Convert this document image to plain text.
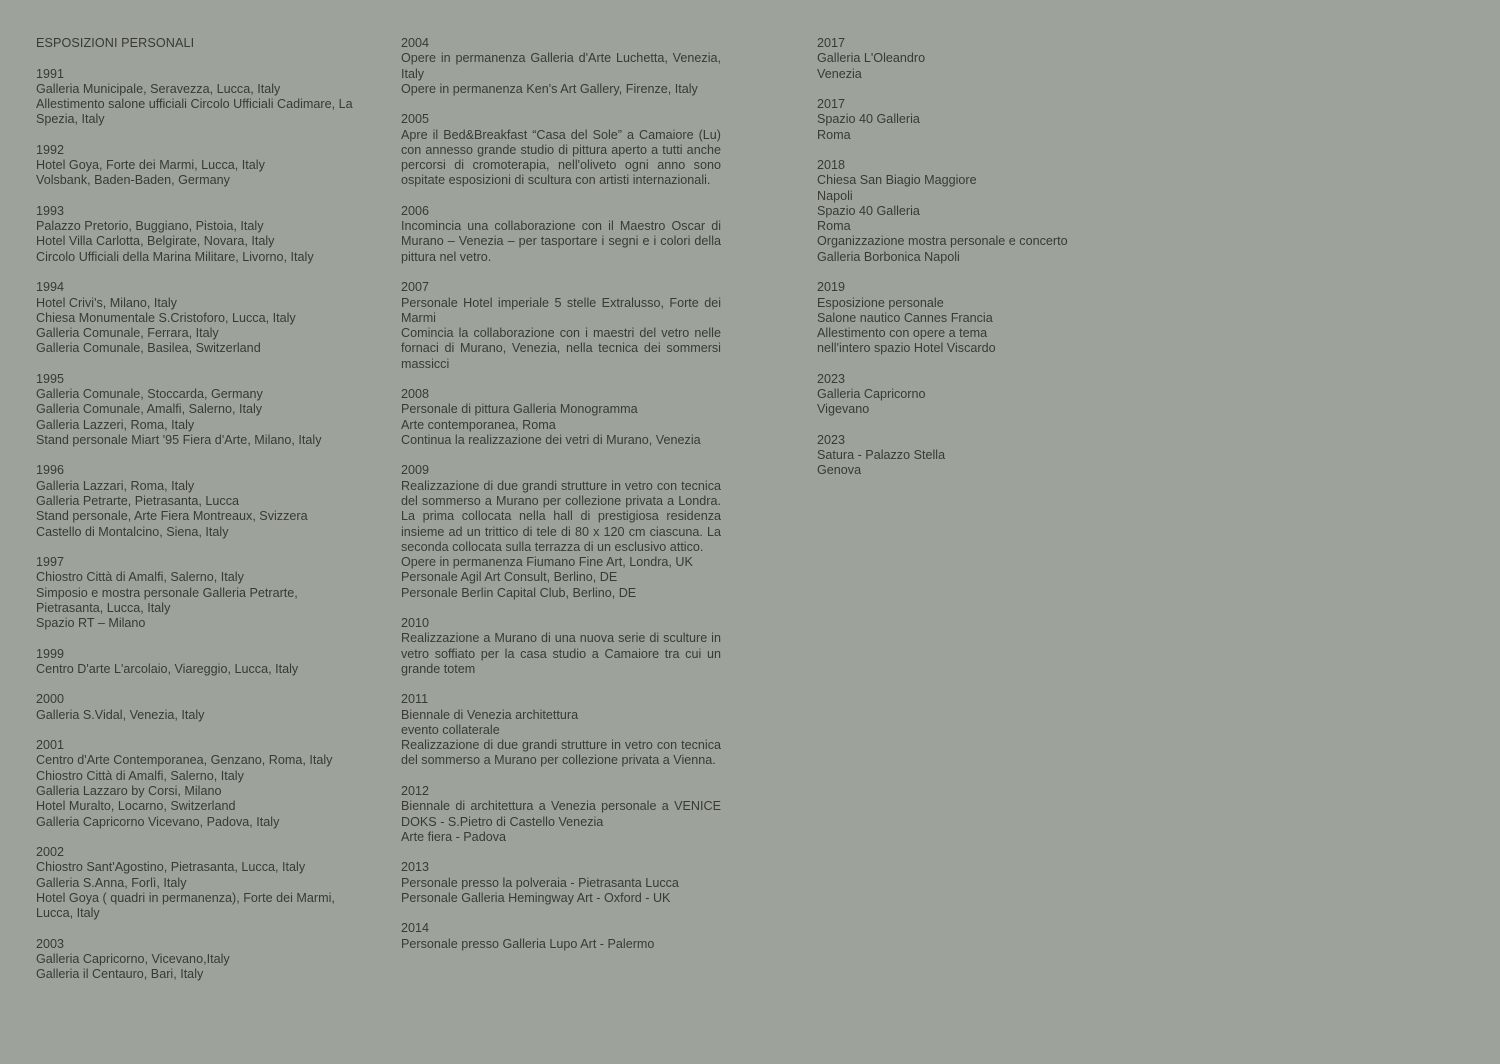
ESPOSIZIONI PERSONALI
1991
Galleria Municipale, Seravezza, Lucca, Italy
Allestimento salone ufficiali Circolo Ufficiali Cadimare, La Spezia, Italy
1992
Hotel Goya, Forte dei Marmi, Lucca, Italy
Volsbank, Baden-Baden, Germany
1993
Palazzo Pretorio, Buggiano, Pistoia, Italy
Hotel Villa Carlotta, Belgirate, Novara, Italy
Circolo Ufficiali della Marina Militare, Livorno, Italy
1994
Hotel Crivi's, Milano, Italy
Chiesa Monumentale S.Cristoforo, Lucca, Italy
Galleria Comunale, Ferrara, Italy
Galleria Comunale, Basilea, Switzerland
1995
Galleria Comunale, Stoccarda, Germany
Galleria Comunale, Amalfi, Salerno, Italy
Galleria Lazzeri, Roma, Italy
Stand personale Miart '95 Fiera d'Arte, Milano, Italy
1996
Galleria Lazzari, Roma, Italy
Galleria Petrarte, Pietrasanta, Lucca
Stand personale, Arte Fiera Montreaux, Svizzera
Castello di Montalcino, Siena, Italy
1997
Chiostro Città di Amalfi, Salerno, Italy
Simposio e mostra personale Galleria Petrarte, Pietrasanta, Lucca, Italy
Spazio RT – Milano
1999
Centro D'arte L'arcolaio, Viareggio, Lucca, Italy
2000
Galleria S.Vidal, Venezia, Italy
2001
Centro d'Arte Contemporanea, Genzano, Roma, Italy
Chiostro Città di Amalfi, Salerno, Italy
Galleria Lazzaro by Corsi, Milano
Hotel Muralto, Locarno, Switzerland
Galleria Capricorno Vicevano, Padova, Italy
2002
Chiostro Sant'Agostino, Pietrasanta, Lucca, Italy
Galleria S.Anna, Forlì, Italy
Hotel Goya ( quadri in permanenza), Forte dei Marmi, Lucca, Italy
2003
Galleria Capricorno, Vicevano,Italy
Galleria il Centauro, Bari, Italy
2004
Opere in permanenza Galleria d'Arte Luchetta, Venezia, Italy
Opere in permanenza Ken's Art Gallery, Firenze, Italy
2005
Apre il Bed&Breakfast “Casa del Sole” a Camaiore (Lu) con annesso grande studio di pittura aperto a tutti anche percorsi di cromoterapia, nell'oliveto ogni anno sono ospitate esposizioni di scultura con artisti internazionali.
2006
Incomincia una collaborazione con il Maestro Oscar di Murano – Venezia – per tasportare i segni e i colori della pittura nel vetro.
2007
Personale Hotel imperiale 5 stelle Extralusso, Forte dei Marmi
Comincia la collaborazione con i maestri del vetro nelle fornaci di Murano, Venezia, nella tecnica dei sommersi massicci
2008
Personale di pittura Galleria Monogramma
Arte contemporanea, Roma
Continua la realizzazione dei vetri di Murano, Venezia
2009
Realizzazione di due grandi strutture in vetro con tecnica del sommerso a Murano per collezione privata a Londra. La prima collocata nella hall di prestigiosa residenza insieme ad un trittico di tele di 80 x 120 cm ciascuna. La seconda collocata sulla terrazza di un esclusivo attico.
Opere in permanenza Fiumano Fine Art, Londra, UK
Personale Agil Art Consult, Berlino, DE
Personale Berlin Capital Club, Berlino, DE
2010
Realizzazione a Murano di una nuova serie di sculture in vetro soffiato per la casa studio a Camaiore tra cui un grande totem
2011
Biennale di Venezia architettura
evento collaterale
Realizzazione di due grandi strutture in vetro con tecnica del sommerso a Murano per collezione privata a Vienna.
2012
Biennale di architettura a Venezia personale a VENICE DOKS - S.Pietro di Castello Venezia
Arte fiera - Padova
2013
Personale presso la polveraia - Pietrasanta Lucca
Personale Galleria Hemingway Art - Oxford - UK
2014
Personale presso Galleria Lupo Art - Palermo
2017
Galleria L'Oleandro
Venezia
2017
Spazio 40 Galleria
Roma
2018
Chiesa San Biagio Maggiore
Napoli
Spazio 40 Galleria
Roma
Organizzazione mostra personale e concerto
Galleria Borbonica Napoli
2019
Esposizione personale
Salone nautico Cannes Francia
Allestimento con opere a tema
nell'intero spazio Hotel Viscardo
2023
Galleria Capricorno
Vigevano
2023
Satura - Palazzo Stella
Genova
